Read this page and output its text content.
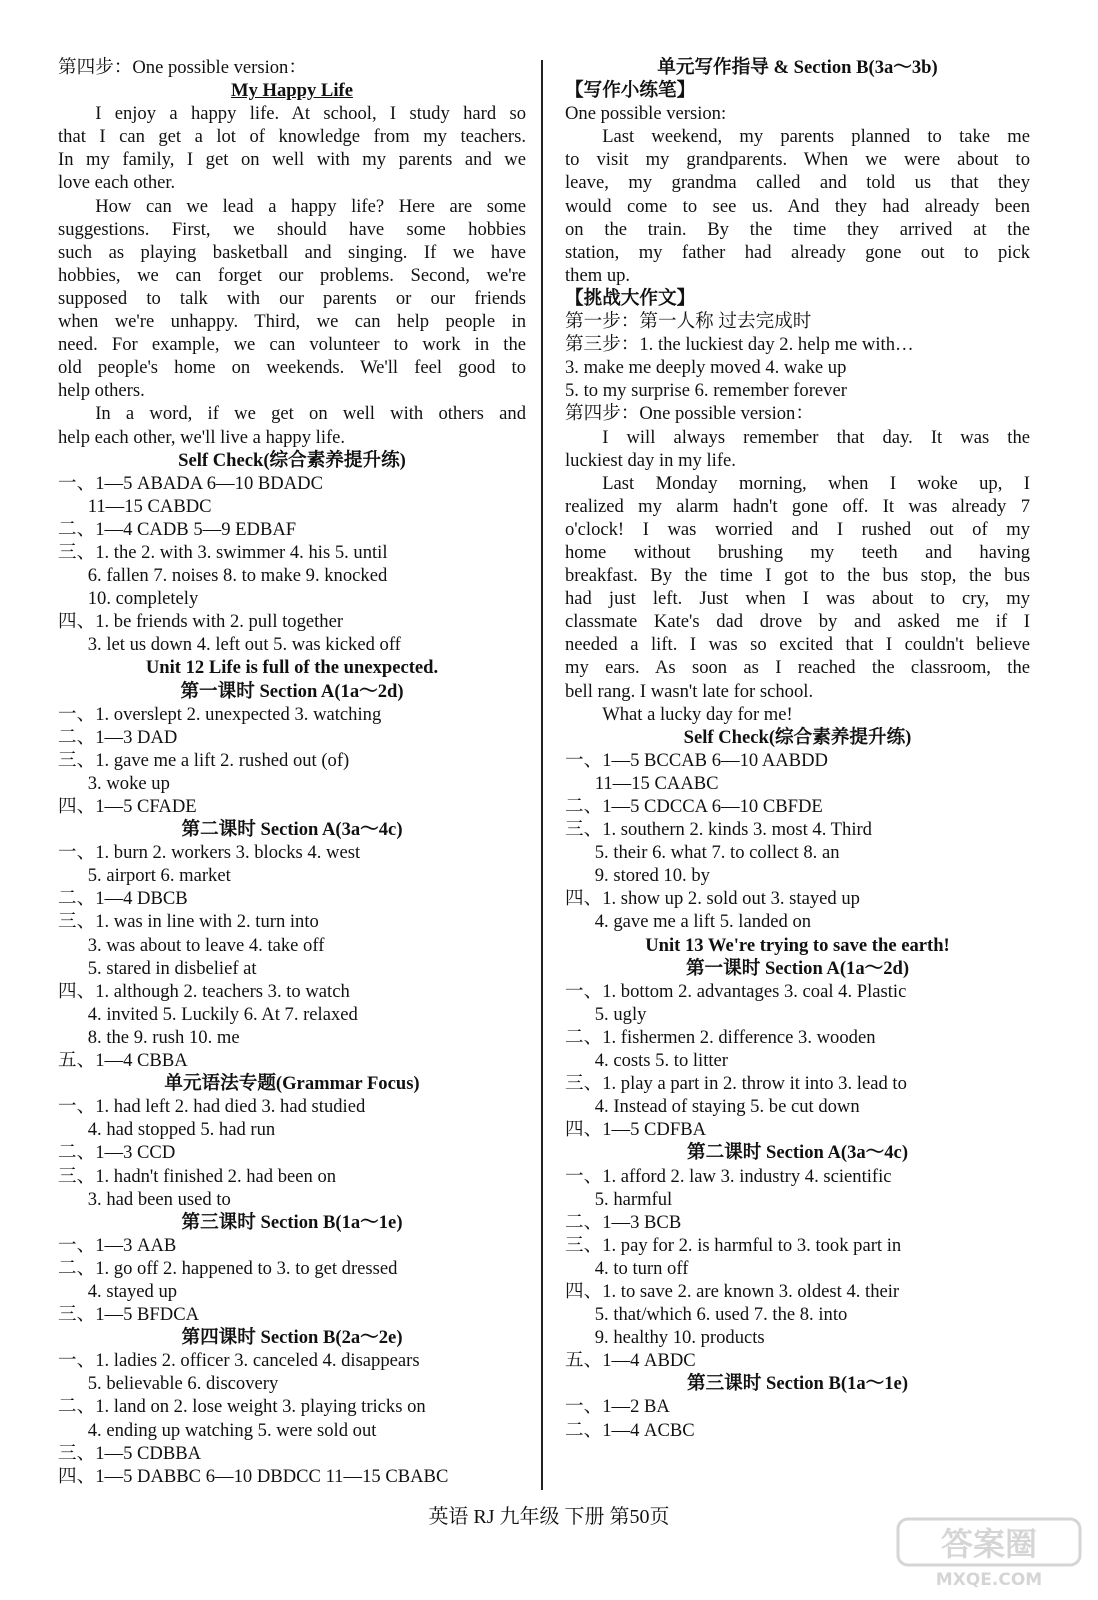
第四步：One possible version：
My Happy Life
I enjoy a happy life. At school, I study hard so
that I can get a lot of knowledge from my teachers.
In my family, I get on well with my parents and we
love each other.
How can we lead a happy life? Here are some
suggestions. First, we should have some hobbies
such as playing basketball and singing. If we have
hobbies, we can forget our problems. Second, we're
supposed to talk with our parents or our friends
when we're unhappy. Third, we can help people in
need. For example, we can volunteer to work in the
old people's home on weekends. We'll feel good to
help others.
In a word, if we get on well with others and
help each other, we'll live a happy life.
Self Check(综合素养提升练)
一、1—5 ABADA 6—10 BDADC
11—15 CABDC
二、1—4 CADB 5—9 EDBAF
三、1. the 2. with 3. swimmer 4. his 5. until
6. fallen 7. noises 8. to make 9. knocked
10. completely
四、1. be friends with 2. pull together
3. let us down 4. left out 5. was kicked off
Unit 12 Life is full of the unexpected.
第一课时 Section A(1a～2d)
一、1. overslept 2. unexpected 3. watching
二、1—3 DAD
三、1. gave me a lift 2. rushed out (of)
3. woke up
四、1—5 CFADE
第二课时 Section A(3a～4c)
一、1. burn 2. workers 3. blocks 4. west
5. airport 6. market
二、1—4 DBCB
三、1. was in line with 2. turn into
3. was about to leave 4. take off
5. stared in disbelief at
四、1. although 2. teachers 3. to watch
4. invited 5. Luckily 6. At 7. relaxed
8. the 9. rush 10. me
五、1—4 CBBA
单元语法专题(Grammar Focus)
一、1. had left 2. had died 3. had studied
4. had stopped 5. had run
二、1—3 CCD
三、1. hadn't finished 2. had been on
3. had been used to
第三课时 Section B(1a～1e)
一、1—3 AAB
二、1. go off 2. happened to 3. to get dressed
4. stayed up
三、1—5 BFDCA
第四课时 Section B(2a～2e)
一、1. ladies 2. officer 3. canceled 4. disappears
5. believable 6. discovery
二、1. land on 2. lose weight 3. playing tricks on
4. ending up watching 5. were sold out
三、1—5 CDBBA
四、1—5 DABBC 6—10 DBDCC 11—15 CBABC
单元写作指导 & Section B(3a～3b)
【写作小练笔】
One possible version:
Last weekend, my parents planned to take me
to visit my grandparents. When we were about to
leave, my grandma called and told us that they
would come to see us. And they had already been
on the train. By the time they arrived at the
station, my father had already gone out to pick
them up.
【挑战大作文】
第一步：第一人称 过去完成时
第三步：1. the luckiest day 2. help me with…
3. make me deeply moved 4. wake up
5. to my surprise 6. remember forever
第四步：One possible version：
I will always remember that day. It was the
luckiest day in my life.
Last Monday morning, when I woke up, I
realized my alarm hadn't gone off. It was already 7
o'clock! I was worried and I rushed out of my
home without brushing my teeth and having
breakfast. By the time I got to the bus stop, the bus
had just left. Just when I was about to cry, my
classmate Kate's dad drove by and asked me if I
needed a lift. I was so excited that I couldn't believe
my ears. As soon as I reached the classroom, the
bell rang. I wasn't late for school.
What a lucky day for me!
Self Check(综合素养提升练)
一、1—5 BCCAB 6—10 AABDD
11—15 CAABC
二、1—5 CDCCA 6—10 CBFDE
三、1. southern 2. kinds 3. most 4. Third
5. their 6. what 7. to collect 8. an
9. stored 10. by
四、1. show up 2. sold out 3. stayed up
4. gave me a lift 5. landed on
Unit 13 We're trying to save the earth!
第一课时 Section A(1a～2d)
一、1. bottom 2. advantages 3. coal 4. Plastic
5. ugly
二、1. fishermen 2. difference 3. wooden
4. costs 5. to litter
三、1. play a part in 2. throw it into 3. lead to
4. Instead of staying 5. be cut down
四、1—5 CDFBA
第二课时 Section A(3a～4c)
一、1. afford 2. law 3. industry 4. scientific
5. harmful
二、1—3 BCB
三、1. pay for 2. is harmful to 3. took part in
4. to turn off
四、1. to save 2. are known 3. oldest 4. their
5. that/which 6. used 7. the 8. into
9. healthy 10. products
五、1—4 ABDC
第三课时 Section B(1a～1e)
一、1—2 BA
二、1—4 ACBC
英语 RJ 九年级 下册 第50页
答案圈
MXQE.COM
